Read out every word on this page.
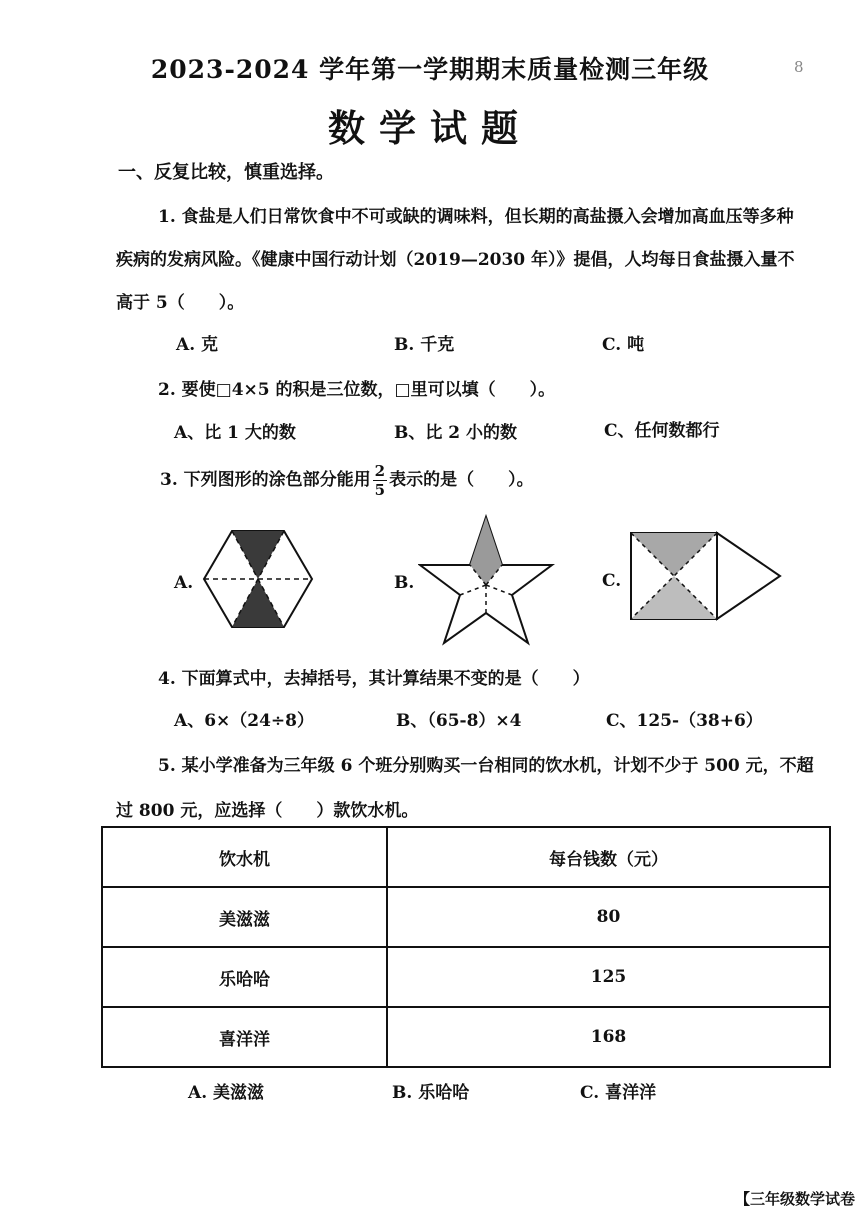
2023-2024 学年第一学期期末质量检测三年级	8
数学试题
一、反复比较，慎重选择。
1. 食盐是人们日常饮食中不可或缺的调味料，但长期的高盐摄入会增加高血压等多种
疾病的发病风险。《健康中国行动计划（2019—2030 年）》提倡，人均每日食盐摄入量不
高于 5（　　）。
A. 克	B. 千克	C. 吨
2. 要使□4×5 的积是三位数，□里可以填（　　）。
A、比 1 大的数	B、比 2 小的数	C、任何数都行
3. 下列图形的涂色部分能用 $\frac{2}{5}$ 表示的是（　　）。
A.	B.	C.
4. 下面算式中，去掉括号，其计算结果不变的是（　　）
A、6×（24÷8）	B、（65-8）×4	C、125-（38+6）
5. 某小学准备为三年级 6 个班分别购买一台相同的饮水机，计划不少于 500 元，不超
过 800 元，应选择（　　）款饮水机。
饮水机	每台钱数（元）
美滋滋	80
乐哈哈	125
喜洋洋	168
A. 美滋滋	B. 乐哈哈	C. 喜洋洋
【三年级数学试卷
